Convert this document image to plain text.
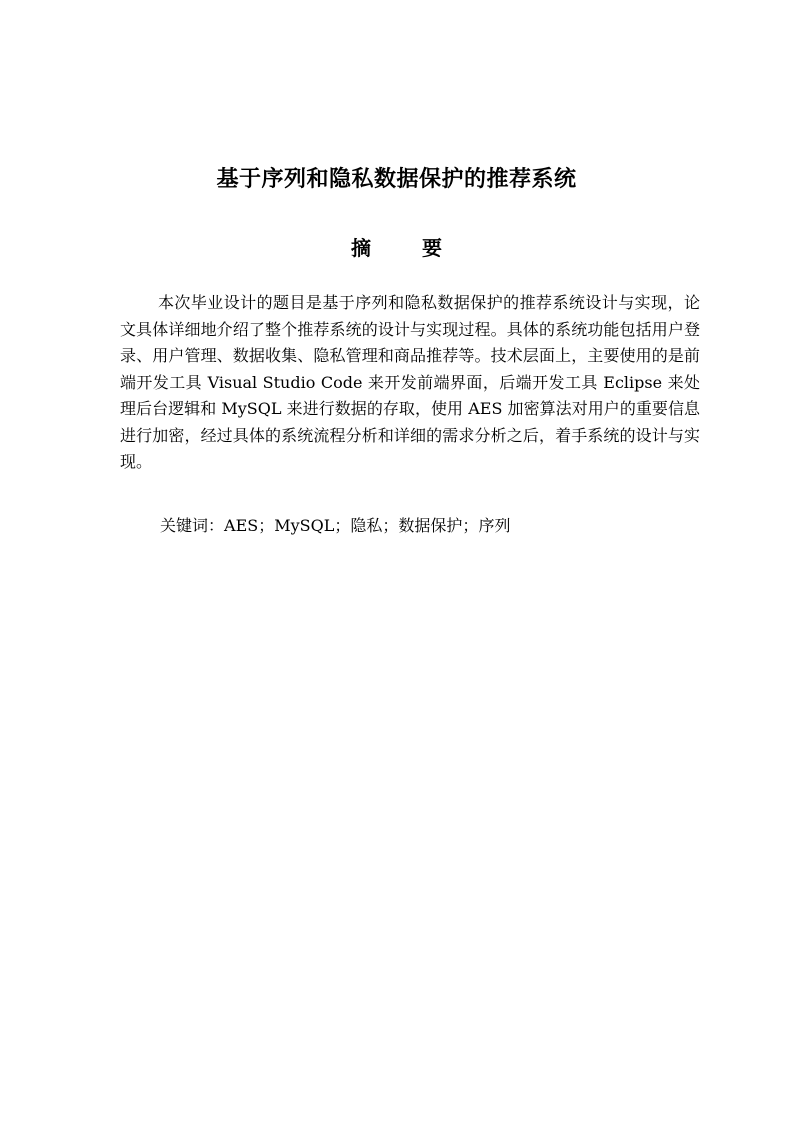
基于序列和隐私数据保护的推荐系统
摘 要
本次毕业设计的题目是基于序列和隐私数据保护的推荐系统设计与实现，论文具体详细地介绍了整个推荐系统的设计与实现过程。具体的系统功能包括用户登录、用户管理、数据收集、隐私管理和商品推荐等。技术层面上，主要使用的是前端开发工具 Visual Studio Code 来开发前端界面，后端开发工具 Eclipse 来处理后台逻辑和 MySQL 来进行数据的存取，使用 AES 加密算法对用户的重要信息进行加密，经过具体的系统流程分析和详细的需求分析之后，着手系统的设计与实现。
关键词：AES；MySQL；隐私；数据保护；序列
